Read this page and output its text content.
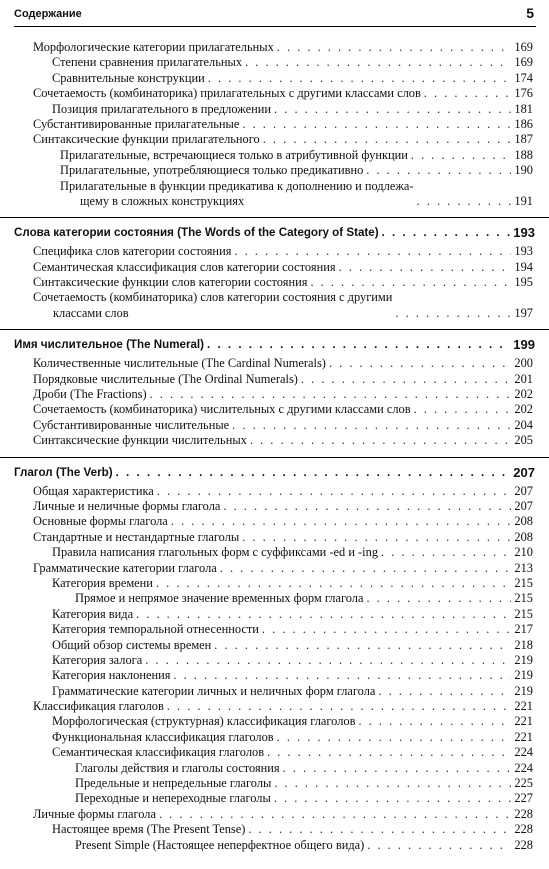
Содержание	5
Морфологические категории прилагательных . . .	169
Степени сравнения прилагательных . . .	169
Сравнительные конструкции . . .	174
Сочетаемость (комбинаторика) прилагательных с другими классами слов . . .	176
Позиция прилагательного в предложении . . .	181
Субстантивированные прилагательные . . .	186
Синтаксические функции прилагательного . . .	187
Прилагательные, встречающиеся только в атрибутивной функции . . .	188
Прилагательные, употребляющиеся только предикативно . . .	190
Прилагательные в функции предикатива к дополнению и подлежа-
щему в сложных конструкциях . . .	191
Слова категории состояния (The Words of the Category of State) . . .	193
Специфика слов категории состояния . . .	193
Семантическая классификация слов категории состояния . . .	194
Синтаксические функции слов категории состояния . . .	195
Сочетаемость (комбинаторика) слов категории состояния с другими
классами слов . . .	197
Имя числительное (The Numeral) . . .	199
Количественные числительные (The Cardinal Numerals) . . .	200
Порядковые числительные (The Ordinal Numerals) . . .	201
Дроби (The Fractions) . . .	202
Сочетаемость (комбинаторика) числительных с другими классами слов . . .	202
Субстантивированные числительные . . .	204
Синтаксические функции числительных . . .	205
Глагол (The Verb) . . .	207
Общая характеристика . . .	207
Личные и неличные формы глагола . . .	207
Основные формы глагола . . .	208
Стандартные и нестандартные глаголы . . .	208
Правила написания глагольных форм с суффиксами -ed и -ing . . .	210
Грамматические категории глагола . . .	213
Категория времени . . .	215
Прямое и непрямое значение временных форм глагола . . .	215
Категория вида . . .	215
Категория темпоральной отнесенности . . .	217
Общий обзор системы времен . . .	218
Категория залога . . .	219
Категория наклонения . . .	219
Грамматические категории личных и неличных форм глагола . . .	219
Классификация глаголов . . .	221
Морфологическая (структурная) классификация глаголов . . .	221
Функциональная классификация глаголов . . .	221
Семантическая классификация глаголов . . .	224
Глаголы действия и глаголы состояния . . .	224
Предельные и непредельные глаголы . . .	225
Переходные и непереходные глаголы . . .	227
Личные формы глагола . . .	228
Настоящее время (The Present Tense) . . .	228
Present Simple (Настоящее неперфектное общего вида) . . .	228
